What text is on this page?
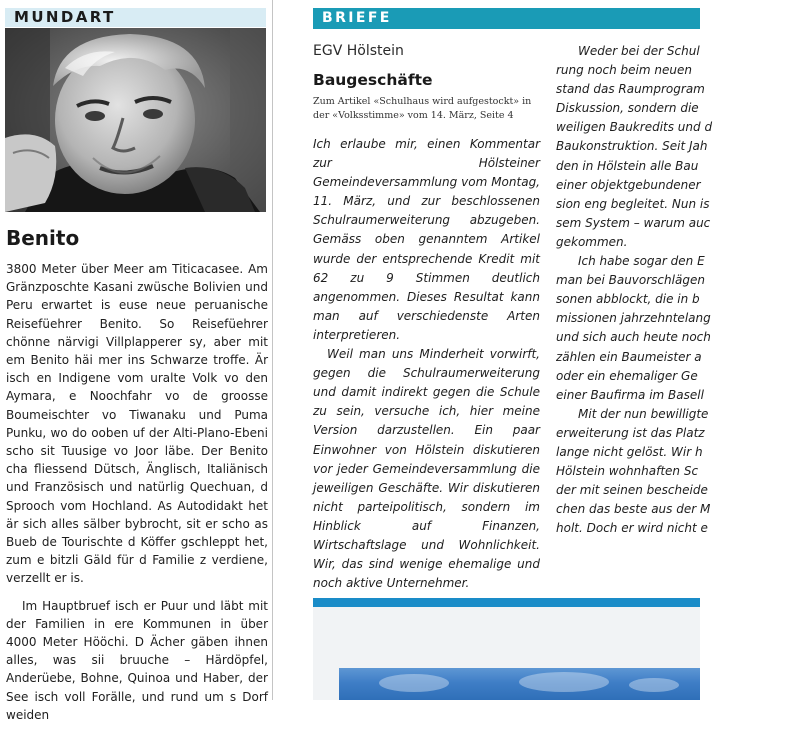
MUNDART
Benito

3800 Meter über Meer am Titicacasee. Am Gränzposchte Kasani zwüsche Bolivien und Peru erwartet is euse neue peruanische Reisefüehrer Benito. So Reisefüehrer chönne närvigi Villplapperer sy, aber mit em Benito häi mer ins Schwarze troffe. Är isch en Indigene vom uralte Volk vo den Aymara, e Noochfahr vo de groosse Boumeischter vo Tiwanaku und Puma Punku, wo do ooben uf der Alti-Plano-Ebeni scho sit Tuusige vo Joor läbe. Der Benito cha fliessend Dütsch, Änglisch, Italiänisch und Französisch und natürlig Quechuan, d Sprooch vom Hochland. As Autodidakt het är sich alles sälber bybrocht, sit er scho as Bueb de Tourischte d Köffer gschleppt het, zum e bitzli Gäld für d Familie z verdiene, verzellt er is.

Im Hauptbruef isch er Puur und läbt mit der Familien in ere Kommunen in über 4000 Meter Hööchi. D Ächer gäben ihnen alles, was sii bruuche – Härdöpfel, Anderüebe, Bohne, Quinoa und Haber, der See isch voll Forälle, und rund um s Dorf weiden

BRIEFE
EGV Hölstein
Baugeschäfte
Zum Artikel «Schulhaus wird aufgestockt» in der «Volksstimme» vom 14. März, Seite 4

Ich erlaube mir, einen Kommentar zur Hölsteiner Gemeindeversammlung vom Montag, 11. März, und zur beschlossenen Schulraumerweiterung abzugeben. Gemäss oben genanntem Artikel wurde der entsprechende Kredit mit 62 zu 9 Stimmen deutlich angenommen. Dieses Resultat kann man auf verschiedenste Arten interpretieren.

Weil man uns Minderheit vorwirft, gegen die Schulraumerweiterung und damit indirekt gegen die Schule zu sein, versuche ich, hier meine Version darzustellen. Ein paar Einwohner von Hölstein diskutieren vor jeder Gemeindeversammlung die jeweiligen Geschäfte. Wir diskutieren nicht parteipolitisch, sondern im Hinblick auf Finanzen, Wirtschaftslage und Wohnlichkeit. Wir, das sind wenige ehemalige und noch aktive Unternehmer.

Weder bei der Schul

rung noch beim neuen

stand das Raumprogram

Diskussion, sondern die

weiligen Baukredits und d

Baukonstruktion. Seit Jah

den in Hölstein alle Bau

einer objektgebundener

sion eng begleitet. Nun is

sem System – warum auc

gekommen.

Ich habe sogar den E

man bei Bauvorschlägen

sonen abblockt, die in b

missionen jahrzehntelang

und sich auch heute noch

zählen ein Baumeister a

oder ein ehemaliger Ge

einer Baufirma im Basell

Mit der nun bewilligte

erweiterung ist das Platz

lange nicht gelöst. Wir h

Hölstein wohnhaften Sc

der mit seinen bescheide

chen das beste aus der M

holt. Doch er wird nicht e
